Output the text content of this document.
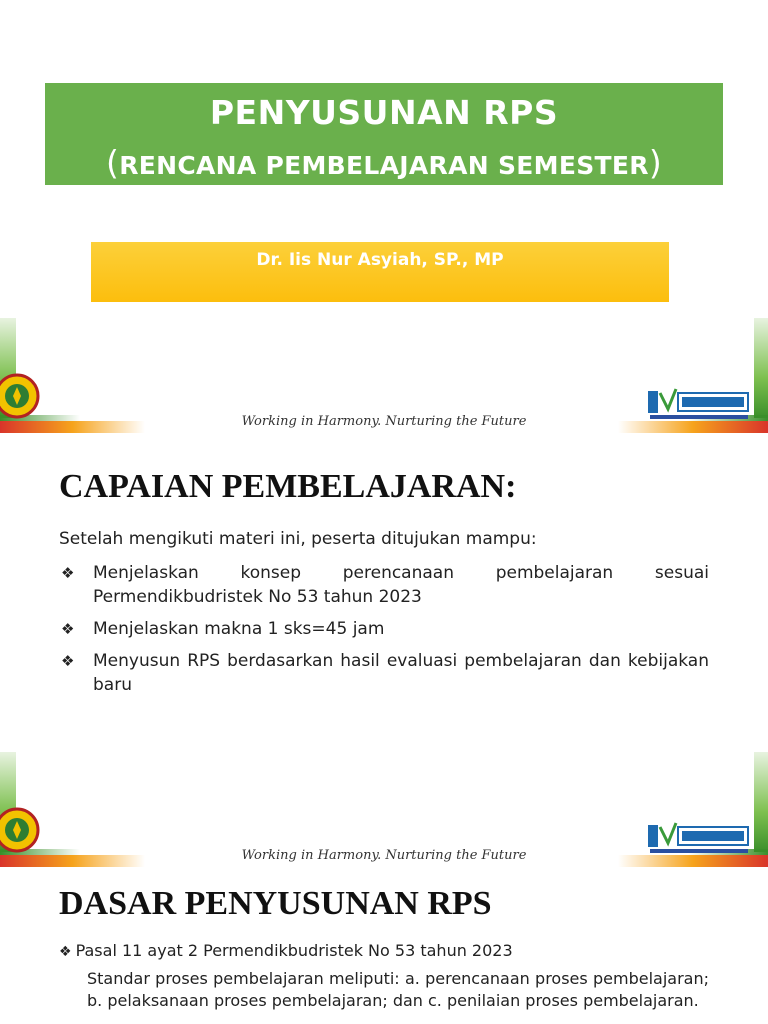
PENYUSUNAN RPS
(RENCANA PEMBELAJARAN SEMESTER)
Dr. Iis Nur Asyiah, SP., MP
Working in Harmony. Nurturing the Future
CAPAIAN PEMBELAJARAN:
Setelah mengikuti materi ini, peserta ditujukan mampu:
❖ Menjelaskan konsep perencanaan pembelajaran sesuai Permendikbudristek No 53 tahun 2023
❖ Menjelaskan makna 1 sks=45 jam
❖ Menyusun RPS berdasarkan hasil evaluasi pembelajaran dan kebijakan baru
Working in Harmony. Nurturing the Future
DASAR PENYUSUNAN RPS
❖ Pasal 11 ayat 2 Permendikbudristek No 53 tahun 2023
Standar proses pembelajaran meliputi: a. perencanaan proses pembelajaran; b. pelaksanaan proses pembelajaran; dan c. penilaian proses pembelajaran.
